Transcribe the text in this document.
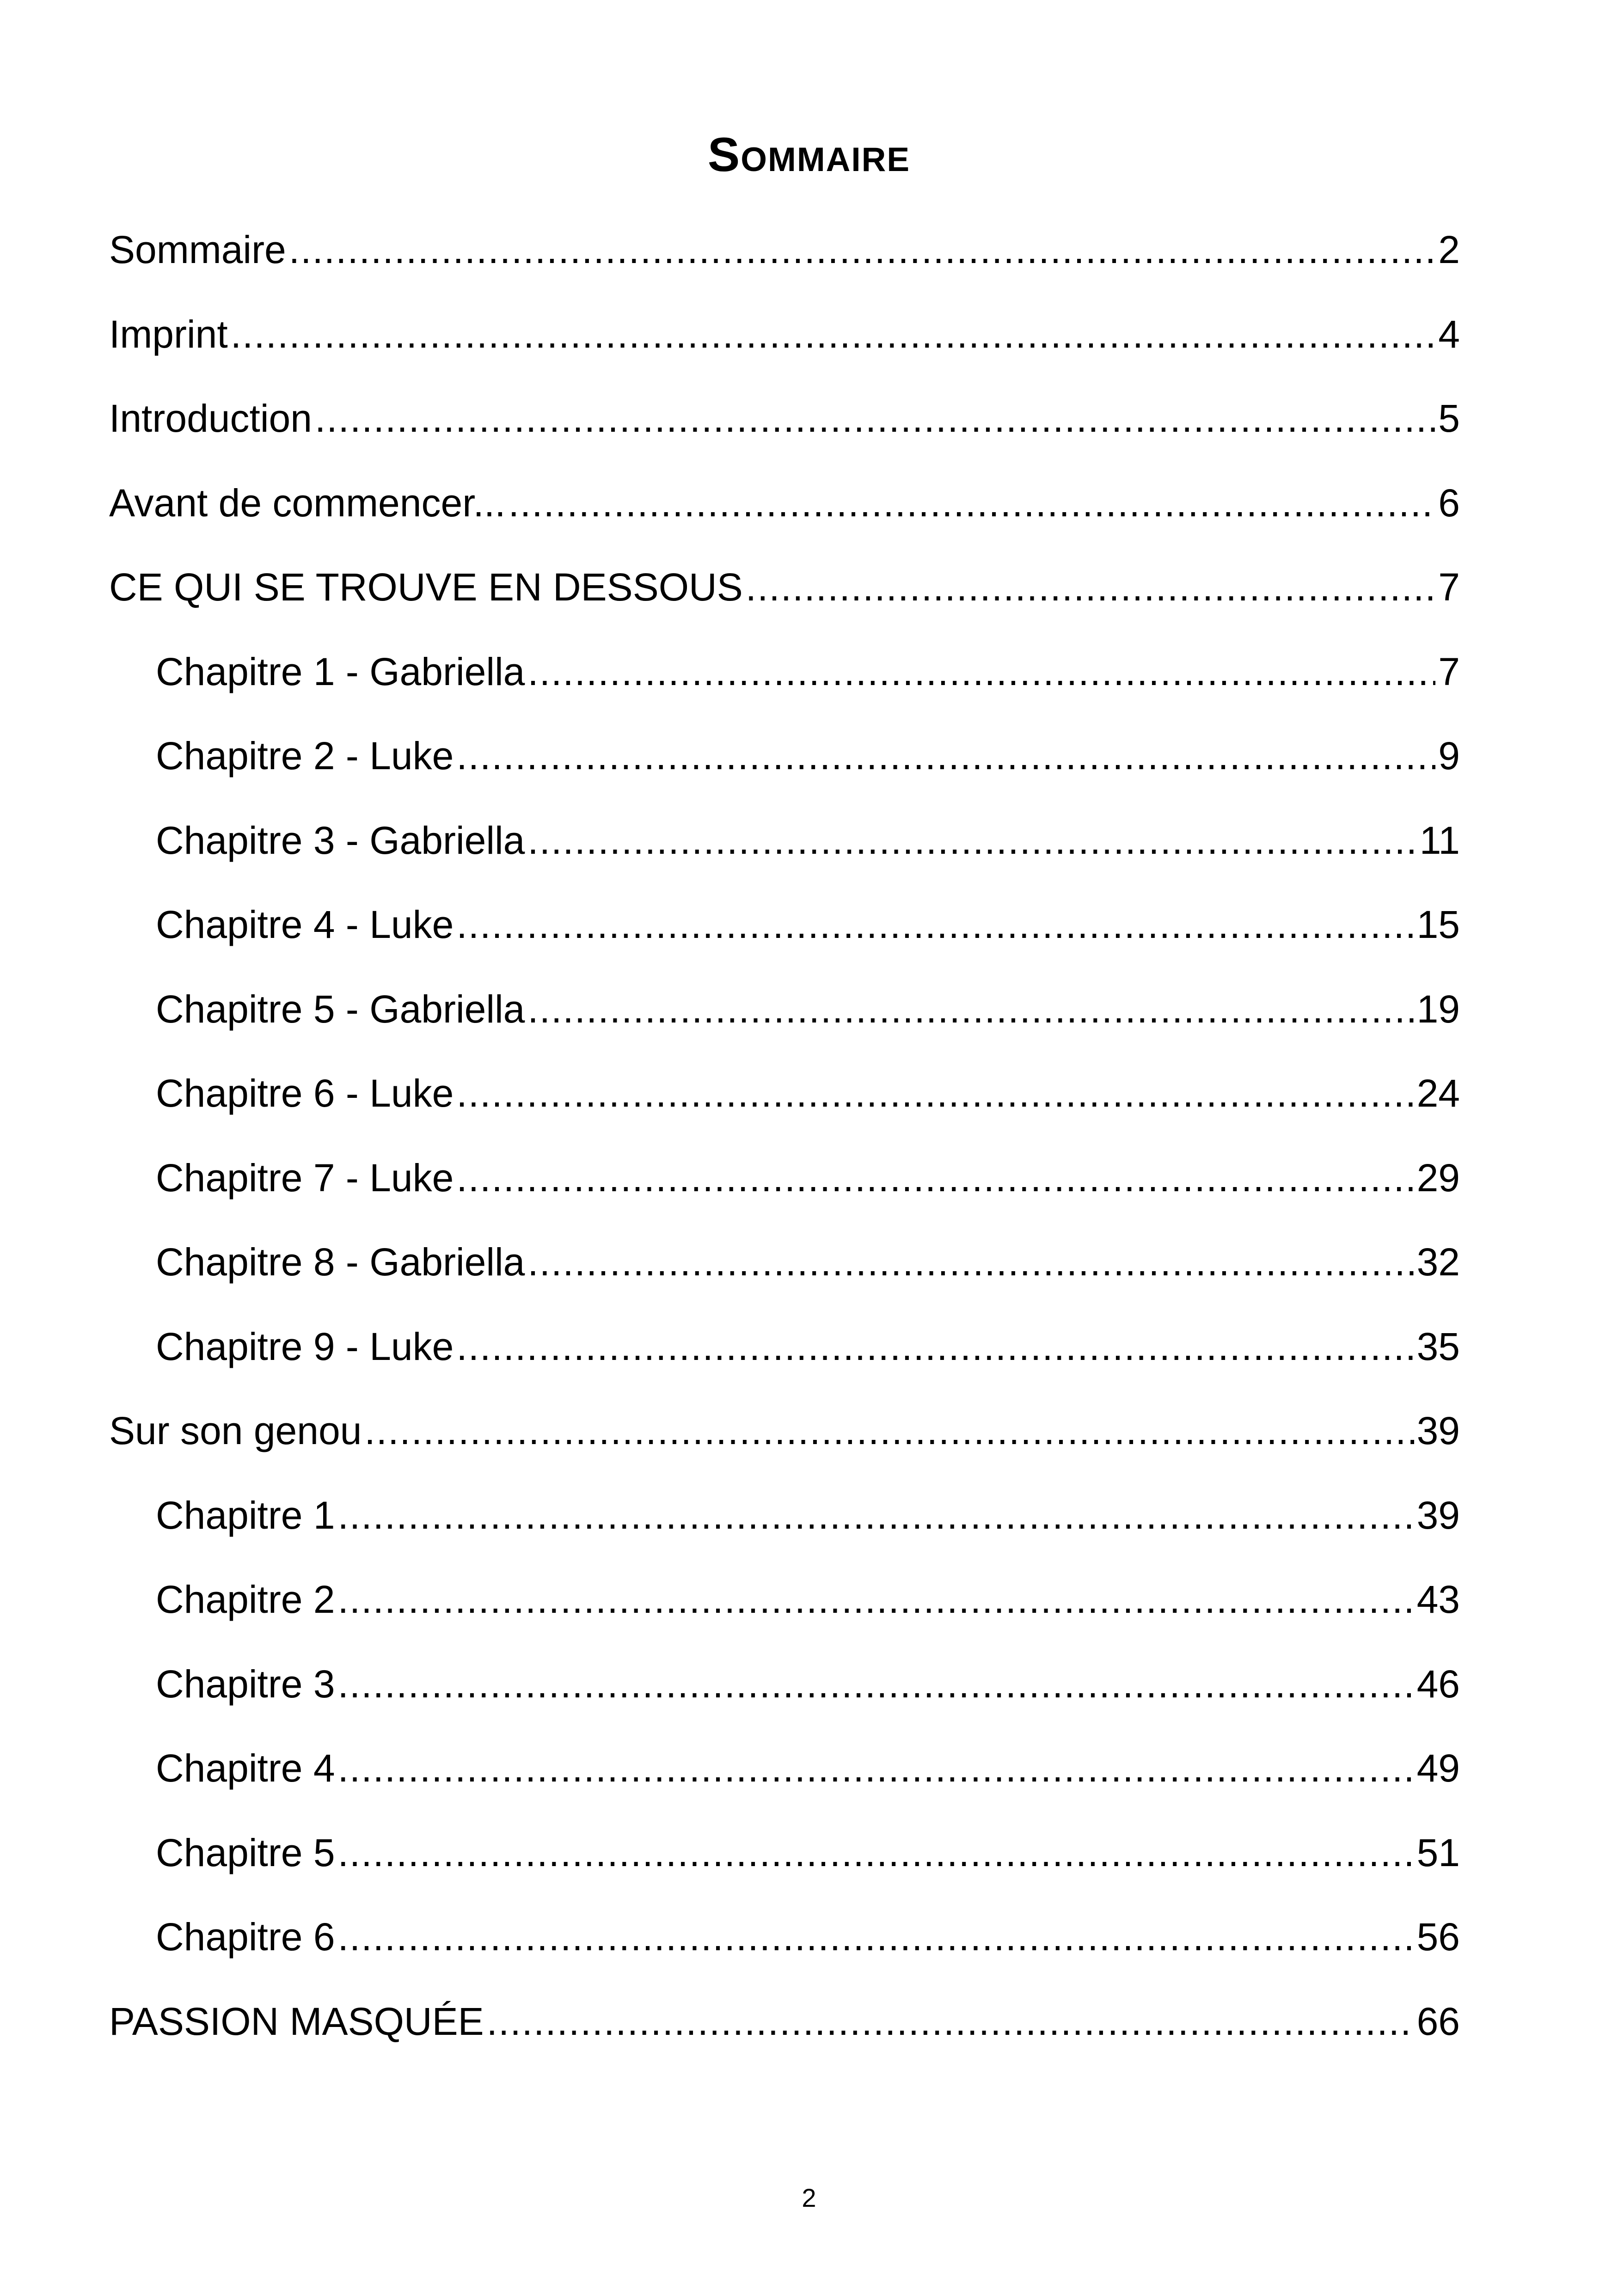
Sommaire
Sommaire .....	2
Imprint .....	4
Introduction .....	5
Avant de commencer... .....	6
CE QUI SE TROUVE EN DESSOUS .....	7
Chapitre 1 - Gabriella .....	7
Chapitre 2 - Luke .....	9
Chapitre 3 - Gabriella .....	11
Chapitre 4 - Luke .....	15
Chapitre 5 - Gabriella .....	19
Chapitre 6 - Luke .....	24
Chapitre 7 - Luke .....	29
Chapitre 8 - Gabriella .....	32
Chapitre 9 - Luke .....	35
Sur son genou .....	39
Chapitre 1 .....	39
Chapitre 2 .....	43
Chapitre 3 .....	46
Chapitre 4 .....	49
Chapitre 5 .....	51
Chapitre 6 .....	56
PASSION MASQUÉE .....	66
2
